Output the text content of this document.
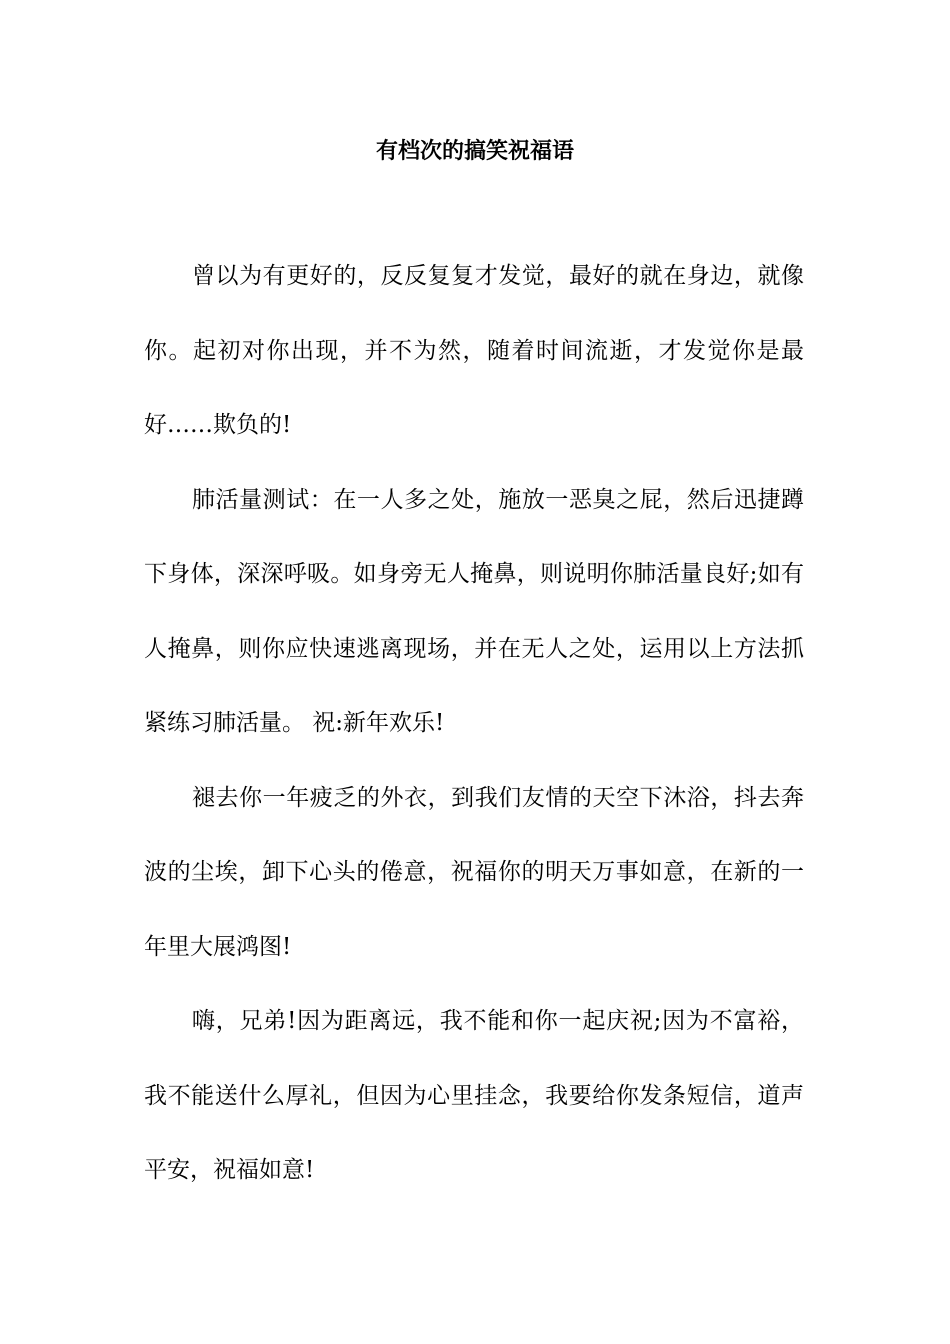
有档次的搞笑祝福语

曾以为有更好的，反反复复才发觉，最好的就在身边，就像你。起初对你出现，并不为然，随着时间流逝，才发觉你是最好……欺负的!

肺活量测试：在一人多之处，施放一恶臭之屁，然后迅捷蹲下身体，深深呼吸。如身旁无人掩鼻，则说明你肺活量良好;如有人掩鼻，则你应快速逃离现场，并在无人之处，运用以上方法抓紧练习肺活量。 祝:新年欢乐!

褪去你一年疲乏的外衣，到我们友情的天空下沐浴，抖去奔波的尘埃，卸下心头的倦意，祝福你的明天万事如意，在新的一年里大展鸿图!

嗨，兄弟!因为距离远，我不能和你一起庆祝;因为不富裕，我不能送什么厚礼，但因为心里挂念，我要给你发条短信，道声平安，祝福如意!
